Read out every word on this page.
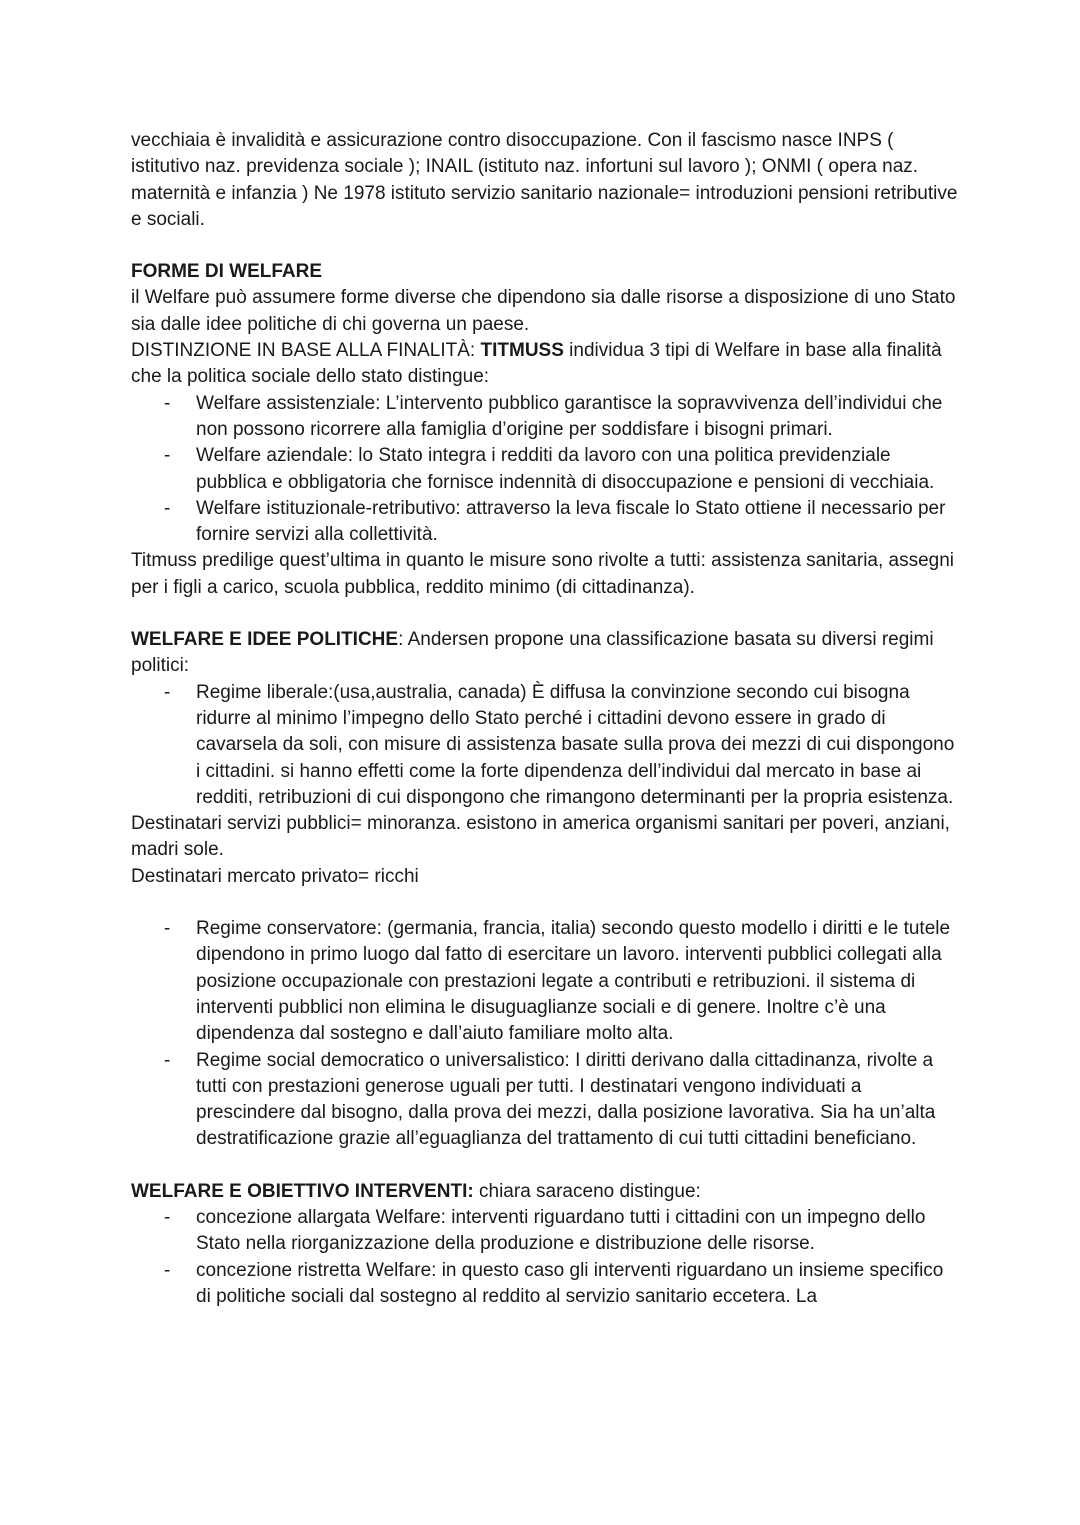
vecchiaia è invalidità e assicurazione contro disoccupazione. Con il fascismo nasce INPS ( istitutivo naz. previdenza sociale ); INAIL (istituto naz. infortuni sul lavoro ); ONMI ( opera naz. maternità e infanzia ) Ne 1978 istituto servizio sanitario nazionale= introduzioni pensioni retributive e sociali.

FORME DI WELFARE

il Welfare può assumere forme diverse che dipendono sia dalle risorse a disposizione di uno Stato sia dalle idee politiche di chi governa un paese.

DISTINZIONE IN BASE ALLA FINALITÀ: TITMUSS individua 3 tipi di Welfare in base alla finalità che la politica sociale dello stato distingue:

- Welfare assistenziale: L’intervento pubblico garantisce la sopravvivenza dell’individui che non possono ricorrere alla famiglia d’origine per soddisfare i bisogni primari.
- Welfare aziendale: lo Stato integra i redditi da lavoro con una politica previdenziale pubblica e obbligatoria che fornisce indennità di disoccupazione e pensioni di vecchiaia.
- Welfare istituzionale-retributivo: attraverso la leva fiscale lo Stato ottiene il necessario per fornire servizi alla collettività.

Titmuss predilige quest’ultima in quanto le misure sono rivolte a tutti: assistenza sanitaria, assegni per i figli a carico, scuola pubblica, reddito minimo (di cittadinanza).

WELFARE E IDEE POLITICHE: Andersen propone una classificazione basata su diversi regimi politici:

- Regime liberale:(usa,australia, canada) È diffusa la convinzione secondo cui bisogna ridurre al minimo l’impegno dello Stato perché i cittadini devono essere in grado di cavarsela da soli, con misure di assistenza basate sulla prova dei mezzi di cui dispongono i cittadini. si hanno effetti come la forte dipendenza dell’individui dal mercato in base ai redditi, retribuzioni di cui dispongono che rimangono determinanti per la propria esistenza.

Destinatari servizi pubblici= minoranza. esistono in america organismi sanitari per poveri, anziani, madri sole.

Destinatari mercato privato= ricchi

- Regime conservatore: (germania, francia, italia) secondo questo modello i diritti e le tutele dipendono in primo luogo dal fatto di esercitare un lavoro. interventi pubblici collegati alla posizione occupazionale con prestazioni legate a contributi e retribuzioni. il sistema di interventi pubblici non elimina le disuguaglianze sociali e di genere. Inoltre c’è una dipendenza dal sostegno e dall’aiuto familiare molto alta.
- Regime social democratico o universalistico: I diritti derivano dalla cittadinanza, rivolte a tutti con prestazioni generose uguali per tutti. I destinatari vengono individuati a prescindere dal bisogno, dalla prova dei mezzi, dalla posizione lavorativa. Sia ha un’alta destratificazione grazie all’eguaglianza del trattamento di cui tutti cittadini beneficiano.

WELFARE E OBIETTIVO INTERVENTI: chiara saraceno distingue:

- concezione allargata Welfare: interventi riguardano tutti i cittadini con un impegno dello Stato nella riorganizzazione della produzione e distribuzione delle risorse.
- concezione ristretta Welfare: in questo caso gli interventi riguardano un insieme specifico di politiche sociali dal sostegno al reddito al servizio sanitario eccetera. La
